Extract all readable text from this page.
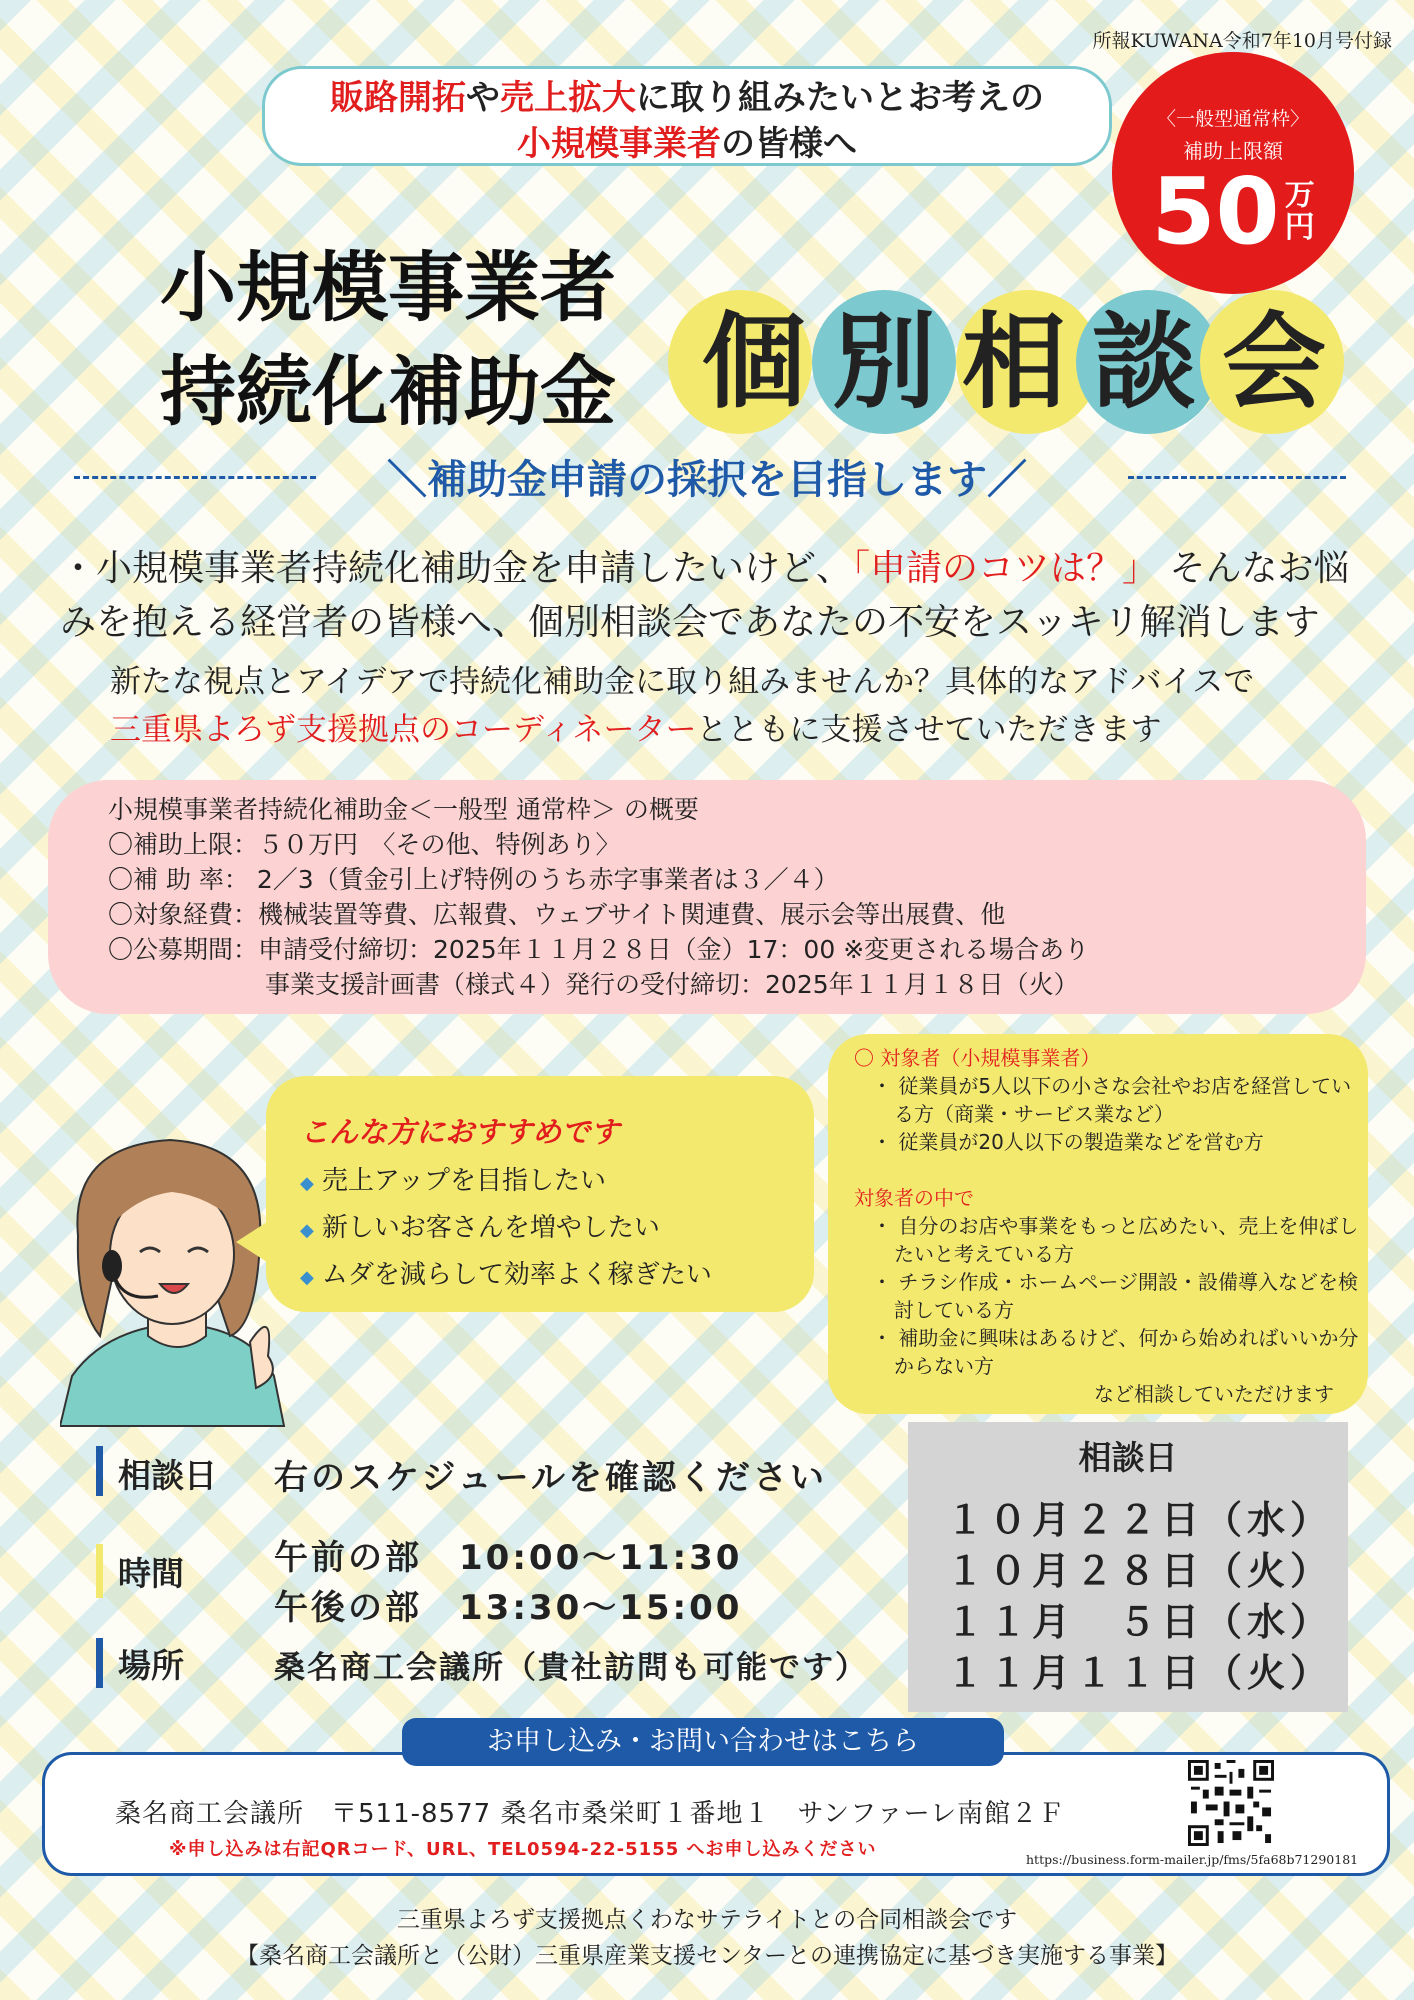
所報KUWANA令和7年10月号付録
販路開拓や売上拡大に取り組みたいとお考えの
小規模事業者の皆様へ
〈一般型通常枠〉
補助上限額
50 万
円
小規模事業者
持続化補助金 個 別 相 談 会
＼補助金申請の採択を目指します／
・小規模事業者持続化補助金を申請したいけど、「申請のコツは？」 そんなお悩みを抱える経営者の皆様へ、個別相談会であなたの不安をスッキリ解消します
新たな視点とアイデアで持続化補助金に取り組みませんか？具体的なアドバイスで
三重県よろず支援拠点のコーディネーターとともに支援させていただきます
小規模事業者持続化補助金＜一般型 通常枠＞ の概要
〇補助上限：５０万円　〈その他、特例あり〉
〇補 助 率： 2／3（賃金引上げ特例のうち赤字事業者は３／４）
〇対象経費：機械装置等費、広報費、ウェブサイト関連費、展示会等出展費、他
〇公募期間：申請受付締切：2025年１１月２８日（金）17：00 ※変更される場合あり
事業支援計画書（様式４）発行の受付締切：2025年１１月１８日（火）
〇 対象者（小規模事業者）
・ 従業員が5人以下の小さな会社やお店を経営している方（商業・サービス業など）
・ 従業員が20人以下の製造業などを営む方
対象者の中で
・ 自分のお店や事業をもっと広めたい、売上を伸ばしたいと考えている方
・ チラシ作成・ホームページ開設・設備導入などを検討している方
・ 補助金に興味はあるけど、何から始めればいいか分からない方
など相談していただけます
こんな方におすすめです
◆ 売上アップを目指したい
◆ 新しいお客さんを増やしたい
◆ ムダを減らして効率よく稼ぎたい
相談日 右のスケジュールを確認ください
時間	午前の部　10:00～11:30
午後の部　13:30～15:00
場所	桑名商工会議所（貴社訪問も可能です）
相談日
１０月２２日（水）
１０月２８日（火）
１１月　５日（水）
１１月１１日（火）
桑名商工会議所　〒511-8577 桑名市桑栄町１番地１　サンファーレ南館２Ｆ
※申し込みは右記QRコード、URL、TEL0594-22-5155 へお申し込みください
お申し込み・お問い合わせはこちら
https://business.form-mailer.jp/fms/5fa68b71290181
三重県よろず支援拠点くわなサテライトとの合同相談会です
【桑名商工会議所と（公財）三重県産業支援センターとの連携協定に基づき実施する事業】
